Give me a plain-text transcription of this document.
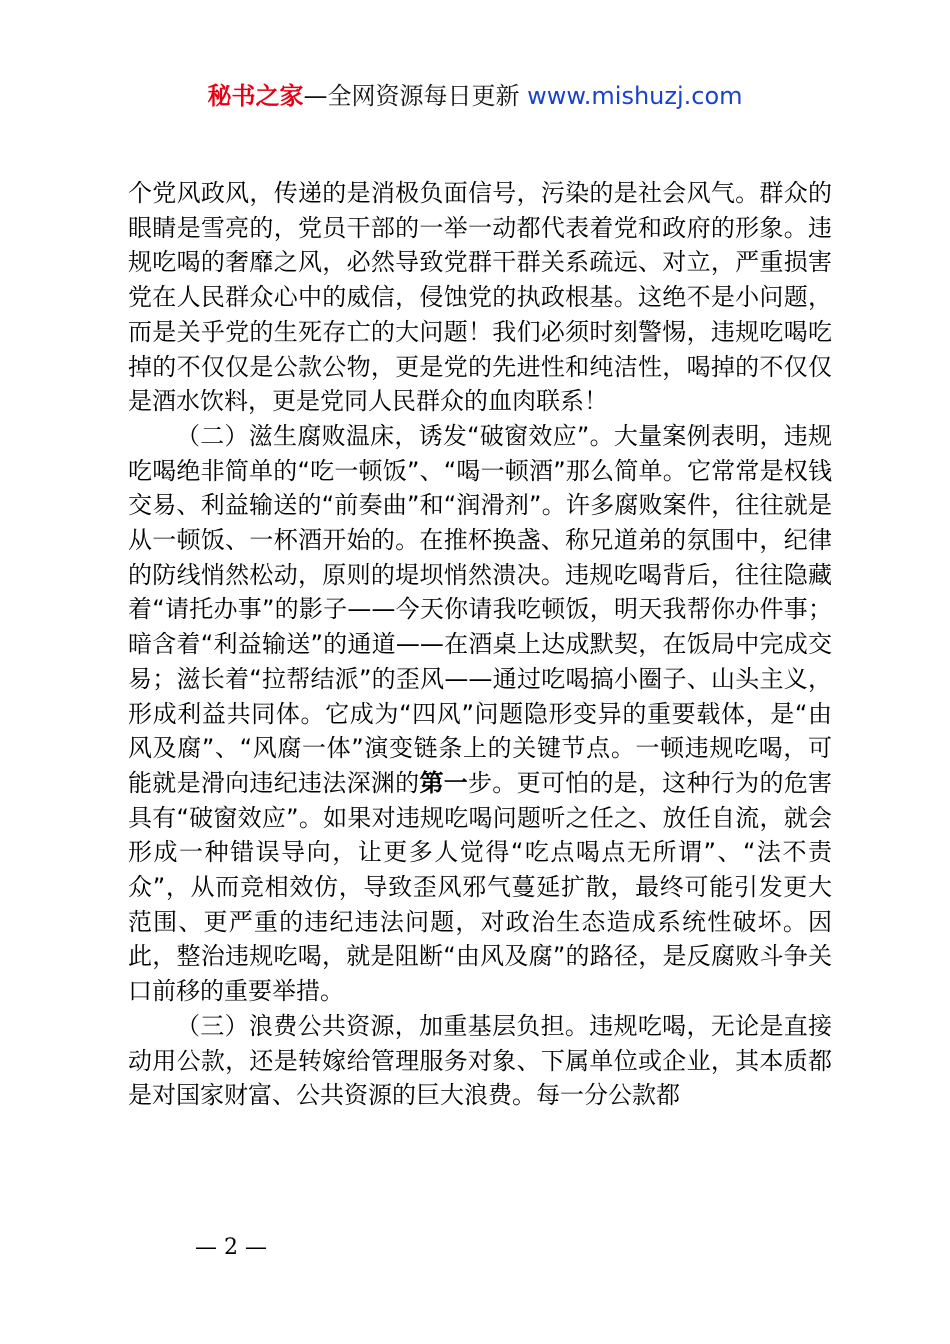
秘书之家—全网资源每日更新 www.mishuzj.com

个党风政风，传递的是消极负面信号，污染的是社会风气。群众的眼睛是雪亮的，党员干部的一举一动都代表着党和政府的形象。违规吃喝的奢靡之风，必然导致党群干群关系疏远、对立，严重损害党在人民群众心中的威信，侵蚀党的执政根基。这绝不是小问题，而是关乎党的生死存亡的大问题！我们必须时刻警惕，违规吃喝吃掉的不仅仅是公款公物，更是党的先进性和纯洁性，喝掉的不仅仅是酒水饮料，更是党同人民群众的血肉联系！

（二）滋生腐败温床，诱发“破窗效应”。大量案例表明，违规吃喝绝非简单的“吃一顿饭”、“喝一顿酒”那么简单。它常常是权钱交易、利益输送的“前奏曲”和“润滑剂”。许多腐败案件，往往就是从一顿饭、一杯酒开始的。在推杯换盏、称兄道弟的氛围中，纪律的防线悄然松动，原则的堤坝悄然溃决。违规吃喝背后，往往隐藏着“请托办事”的影子——今天你请我吃顿饭，明天我帮你办件事；暗含着“利益输送”的通道——在酒桌上达成默契，在饭局中完成交易；滋长着“拉帮结派”的歪风——通过吃喝搞小圈子、山头主义，形成利益共同体。它成为“四风”问题隐形变异的重要载体，是“由风及腐”、“风腐一体”演变链条上的关键节点。一顿违规吃喝，可能就是滑向违纪违法深渊的第一步。更可怕的是，这种行为的危害具有“破窗效应”。如果对违规吃喝问题听之任之、放任自流，就会形成一种错误导向，让更多人觉得“吃点喝点无所谓”、“法不责众”，从而竞相效仿，导致歪风邪气蔓延扩散，最终可能引发更大范围、更严重的违纪违法问题，对政治生态造成系统性破坏。因此，整治违规吃喝，就是阻断“由风及腐”的路径，是反腐败斗争关口前移的重要举措。

（三）浪费公共资源，加重基层负担。违规吃喝，无论是直接动用公款，还是转嫁给管理服务对象、下属单位或企业，其本质都是对国家财富、公共资源的巨大浪费。每一分公款都

— 2 —
